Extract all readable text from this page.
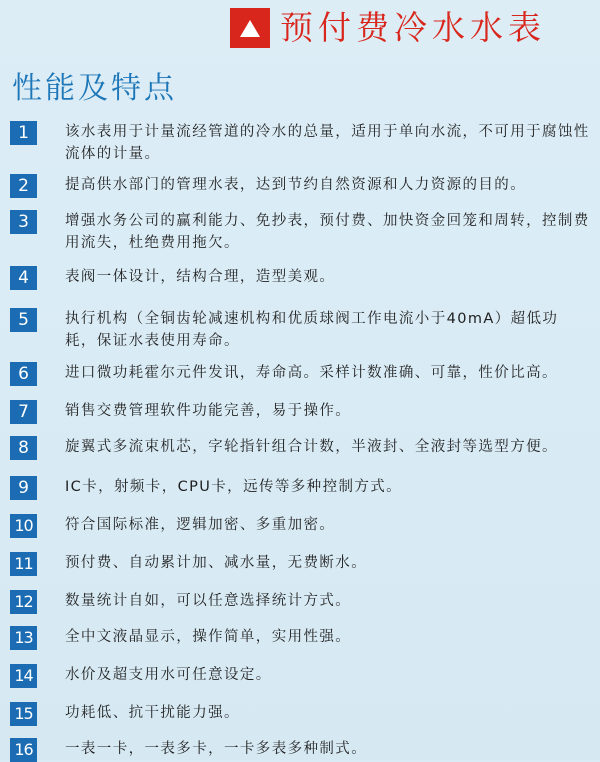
预付费冷水水表
性能及特点
1	该水表用于计量流经管道的冷水的总量，适用于单向水流，不可用于腐蚀性流体的计量。
2	提高供水部门的管理水表，达到节约自然资源和人力资源的目的。
3	增强水务公司的赢利能力、免抄表，预付费、加快资金回笼和周转，控制费用流失，杜绝费用拖欠。
4	表阀一体设计，结构合理，造型美观。
5	执行机构（全铜齿轮减速机构和优质球阀工作电流小于40mA）超低功耗，保证水表使用寿命。
6	进口微功耗霍尔元件发讯，寿命高。采样计数准确、可靠，性价比高。
7	销售交费管理软件功能完善，易于操作。
8	旋翼式多流束机芯，字轮指针组合计数，半液封、全液封等选型方便。
9	IC卡，射频卡，CPU卡，远传等多种控制方式。
10 符合国际标准，逻辑加密、多重加密。
11 预付费、自动累计加、减水量，无费断水。
12 数量统计自如，可以任意选择统计方式。
13 全中文液晶显示，操作简单，实用性强。
14 水价及超支用水可任意设定。
15 功耗低、抗干扰能力强。
16 一表一卡，一表多卡，一卡多表多种制式。
